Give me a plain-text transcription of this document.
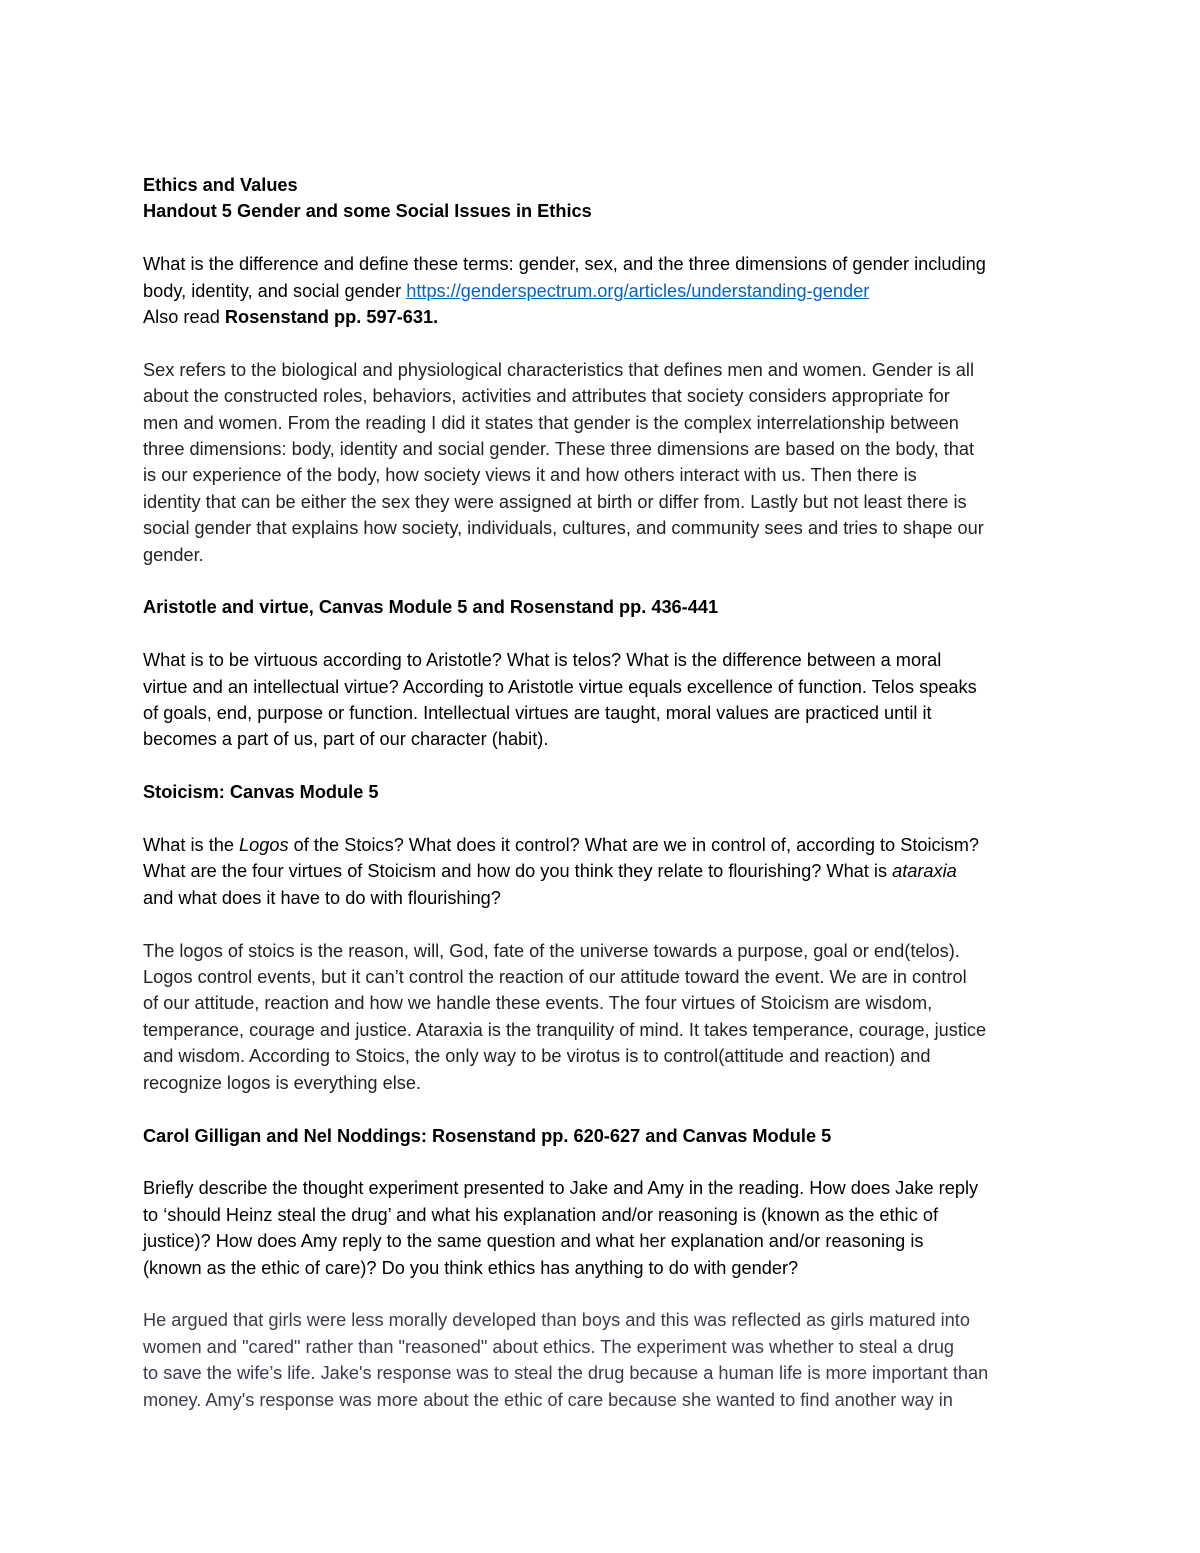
Ethics and Values
Handout 5 Gender and some Social Issues in Ethics
What is the difference and define these terms: gender, sex, and the three dimensions of gender including
body, identity, and social gender https://genderspectrum.org/articles/understanding-gender
Also read Rosenstand pp. 597-631.
Sex refers to the biological and physiological characteristics that defines men and women. Gender is all
about the constructed roles, behaviors, activities and attributes that society considers appropriate for
men and women. From the reading I did it states that gender is the complex interrelationship between
three dimensions: body, identity and social gender. These three dimensions are based on the body, that
is our experience of the body, how society views it and how others interact with us. Then there is
identity that can be either the sex they were assigned at birth or differ from. Lastly but not least there is
social gender that explains how society, individuals, cultures, and community sees and tries to shape our
gender.
Aristotle and virtue, Canvas Module 5 and Rosenstand pp. 436-441
What is to be virtuous according to Aristotle? What is telos? What is the difference between a moral
virtue and an intellectual virtue? According to Aristotle virtue equals excellence of function. Telos speaks
of goals, end, purpose or function. Intellectual virtues are taught, moral values are practiced until it
becomes a part of us, part of our character (habit).
Stoicism: Canvas Module 5
What is the Logos of the Stoics? What does it control? What are we in control of, according to Stoicism?
What are the four virtues of Stoicism and how do you think they relate to flourishing? What is ataraxia
and what does it have to do with flourishing?
The logos of stoics is the reason, will, God, fate of the universe towards a purpose, goal or end(telos).
Logos control events, but it can’t control the reaction of our attitude toward the event. We are in control
of our attitude, reaction and how we handle these events. The four virtues of Stoicism are wisdom,
temperance, courage and justice. Ataraxia is the tranquility of mind. It takes temperance, courage, justice
and wisdom. According to Stoics, the only way to be virotus is to control(attitude and reaction) and
recognize logos is everything else.
Carol Gilligan and Nel Noddings: Rosenstand pp. 620-627 and Canvas Module 5
Briefly describe the thought experiment presented to Jake and Amy in the reading. How does Jake reply
to ‘should Heinz steal the drug’ and what his explanation and/or reasoning is (known as the ethic of
justice)? How does Amy reply to the same question and what her explanation and/or reasoning is
(known as the ethic of care)? Do you think ethics has anything to do with gender?
He argued that girls were less morally developed than boys and this was reflected as girls matured into
women and "cared" rather than "reasoned" about ethics. The experiment was whether to steal a drug
to save the wife’s life. Jake's response was to steal the drug because a human life is more important than
money. Amy's response was more about the ethic of care because she wanted to find another way in
